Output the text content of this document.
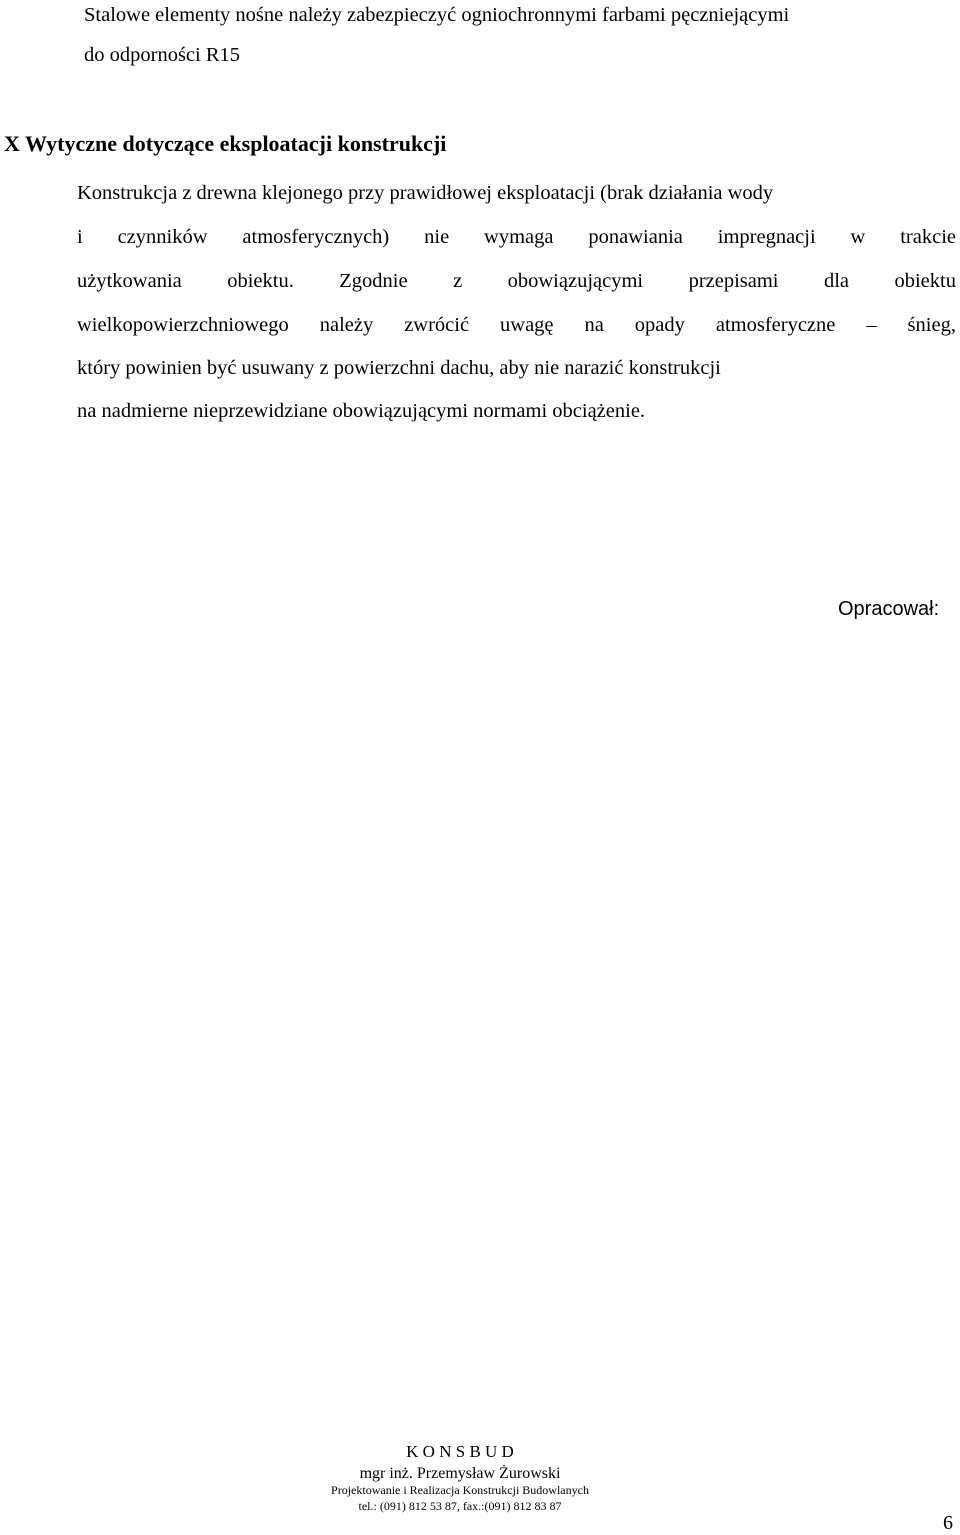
Stalowe elementy nośne należy zabezpieczyć ogniochronnymi farbami pęczniejącymi
do odporności R15
X Wytyczne dotyczące eksploatacji konstrukcji
Konstrukcja z drewna klejonego przy prawidłowej eksploatacji (brak działania wody
i czynników atmosferycznych) nie wymaga ponawiania impregnacji w trakcie
użytkowania obiektu. Zgodnie z obowiązującymi przepisami dla obiektu
wielkopowierzchniowego należy zwrócić uwagę na opady atmosferyczne – śnieg,
który powinien być usuwany z powierzchni dachu, aby nie narazić konstrukcji
na nadmierne nieprzewidziane obowiązującymi normami obciążenie.
Opracował:
K O N S B U D
mgr inż. Przemysław Żurowski
Projektowanie i Realizacja Konstrukcji Budowlanych
tel.: (091) 812 53 87, fax.:(091) 812 83 87
6
